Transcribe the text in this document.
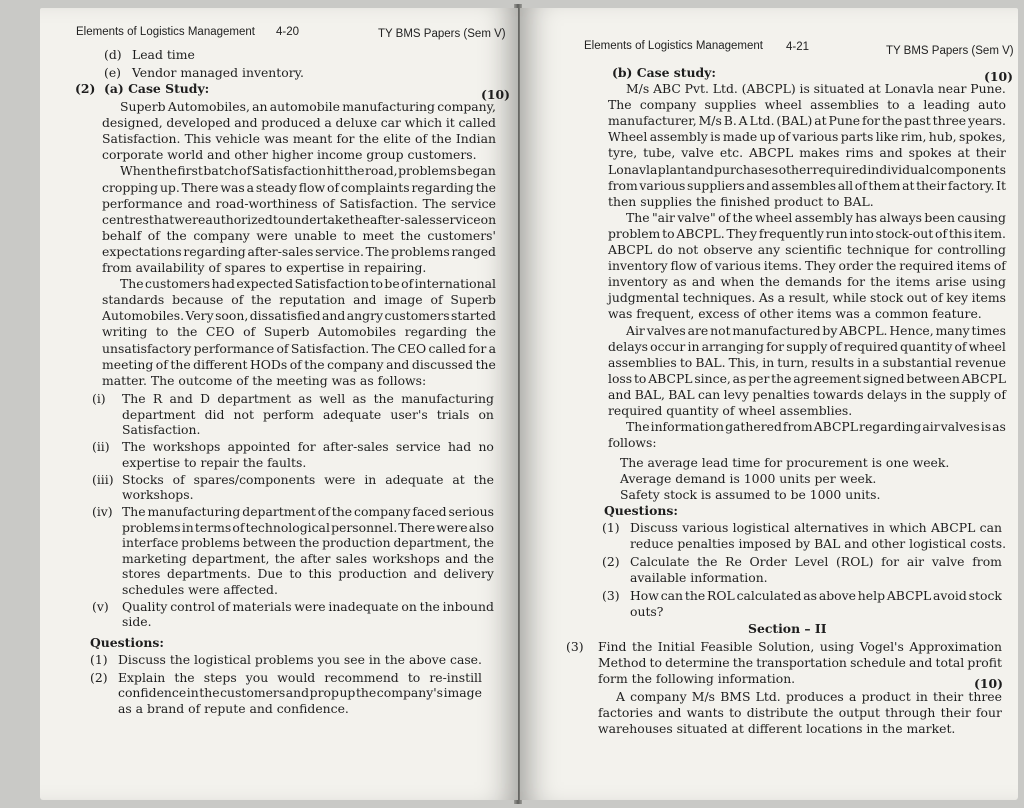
Elements of Logistics Management 4-20	TY BMS Papers (Sem V)
(d) Lead time
(e) Vendor managed inventory.
(2) (a) Case Study:	(10)
Superb Automobiles, an automobile manufacturing company,
designed, developed and produced a deluxe car which it called
Satisfaction. This vehicle was meant for the elite of the Indian
corporate world and other higher income group customers.
When the first batch of Satisfaction hit the road, problems began
cropping up. There was a steady flow of complaints regarding the
performance and road-worthiness of Satisfaction. The service
centres that were authorized to undertake the after-sales service on
behalf of the company were unable to meet the customers'
expectations regarding after-sales service. The problems ranged
from availability of spares to expertise in repairing.
The customers had expected Satisfaction to be of international
standards because of the reputation and image of Superb
Automobiles. Very soon, dissatisfied and angry customers started
writing to the CEO of Superb Automobiles regarding the
unsatisfactory performance of Satisfaction. The CEO called for a
meeting of the different HODs of the company and discussed the
matter. The outcome of the meeting was as follows:
(i) The R and D department as well as the manufacturing
department did not perform adequate user's trials on
Satisfaction.
(ii) The workshops appointed for after-sales service had no
expertise to repair the faults.
(iii) Stocks of spares/components were in adequate at the
workshops.
(iv) The manufacturing department of the company faced serious
problems in terms of technological personnel. There were also
interface problems between the production department, the
marketing department, the after sales workshops and the
stores departments. Due to this production and delivery
schedules were affected.
(v) Quality control of materials were inadequate on the inbound
side.
Questions:
(1) Discuss the logistical problems you see in the above case.
(2) Explain the steps you would recommend to re-instill
confidence in the customers and prop up the company's image
as a brand of repute and confidence.
Elements of Logistics Management 4-21	TY BMS Papers (Sem V)
(b) Case study:	(10)
M/s ABC Pvt. Ltd. (ABCPL) is situated at Lonavla near Pune.
The company supplies wheel assemblies to a leading auto
manufacturer, M/s B. A Ltd. (BAL) at Pune for the past three years.
Wheel assembly is made up of various parts like rim, hub, spokes,
tyre, tube, valve etc. ABCPL makes rims and spokes at their
Lonavla plant and purchases other required individual components
from various suppliers and assembles all of them at their factory. It
then supplies the finished product to BAL.
The "air valve" of the wheel assembly has always been causing
problem to ABCPL. They frequently run into stock-out of this item.
ABCPL do not observe any scientific technique for controlling
inventory flow of various items. They order the required items of
inventory as and when the demands for the items arise using
judgmental techniques. As a result, while stock out of key items
was frequent, excess of other items was a common feature.
Air valves are not manufactured by ABCPL. Hence, many times
delays occur in arranging for supply of required quantity of wheel
assemblies to BAL. This, in turn, results in a substantial revenue
loss to ABCPL since, as per the agreement signed between ABCPL
and BAL, BAL can levy penalties towards delays in the supply of
required quantity of wheel assemblies.
The information gathered from ABCPL regarding air valves is as
follows:
The average lead time for procurement is one week.
Average demand is 1000 units per week.
Safety stock is assumed to be 1000 units.
Questions:
(1) Discuss various logistical alternatives in which ABCPL can
reduce penalties imposed by BAL and other logistical costs.
(2) Calculate the Re Order Level (ROL) for air valve from
available information.
(3) How can the ROL calculated as above help ABCPL avoid stock
outs?
Section – II
(3) Find the Initial Feasible Solution, using Vogel's Approximation
Method to determine the transportation schedule and total profit
form the following information.	(10)
A company M/s BMS Ltd. produces a product in their three
factories and wants to distribute the output through their four
warehouses situated at different locations in the market.
